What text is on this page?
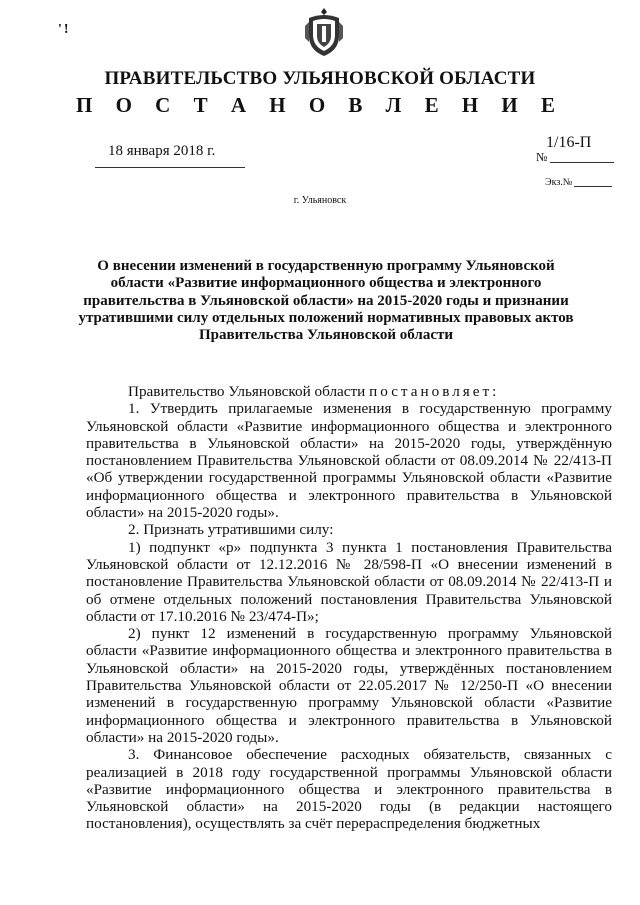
'!
ПРАВИТЕЛЬСТВО УЛЬЯНОВСКОЙ ОБЛАСТИ
П О С Т А Н О В Л Е Н И Е
18 января 2018 г.	1/16-П
№
Экз.№
г. Ульяновск
О внесении изменений в государственную программу Ульяновской области «Развитие информационного общества и электронного правительства в Ульяновской области» на 2015-2020 годы и признании утратившими силу отдельных положений нормативных правовых актов Правительства Ульяновской области

Правительство Ульяновской области постановляет:

1. Утвердить прилагаемые изменения в государственную программу Ульяновской области «Развитие информационного общества и электронного правительства в Ульяновской области» на 2015-2020 годы, утверждённую постановлением Правительства Ульяновской области от 08.09.2014 № 22/413-П «Об утверждении государственной программы Ульяновской области «Развитие информационного общества и электронного правительства в Ульяновской области» на 2015-2020 годы».

2. Признать утратившими силу:

1) подпункт «р» подпункта 3 пункта 1 постановления Правительства Ульяновской области от 12.12.2016 № 28/598-П «О внесении изменений в постановление Правительства Ульяновской области от 08.09.2014 № 22/413-П и об отмене отдельных положений постановления Правительства Ульяновской области от 17.10.2016 № 23/474-П»;

2) пункт 12 изменений в государственную программу Ульяновской области «Развитие информационного общества и электронного правительства в Ульяновской области» на 2015-2020 годы, утверждённых постановлением Правительства Ульяновской области от 22.05.2017 № 12/250-П «О внесении изменений в государственную программу Ульяновской области «Развитие информационного общества и электронного правительства в Ульяновской области» на 2015-2020 годы».

3. Финансовое обеспечение расходных обязательств, связанных с реализацией в 2018 году государственной программы Ульяновской области «Развитие информационного общества и электронного правительства в Ульяновской области» на 2015-2020 годы (в редакции настоящего постановления), осуществлять за счёт перераспределения бюджетных
